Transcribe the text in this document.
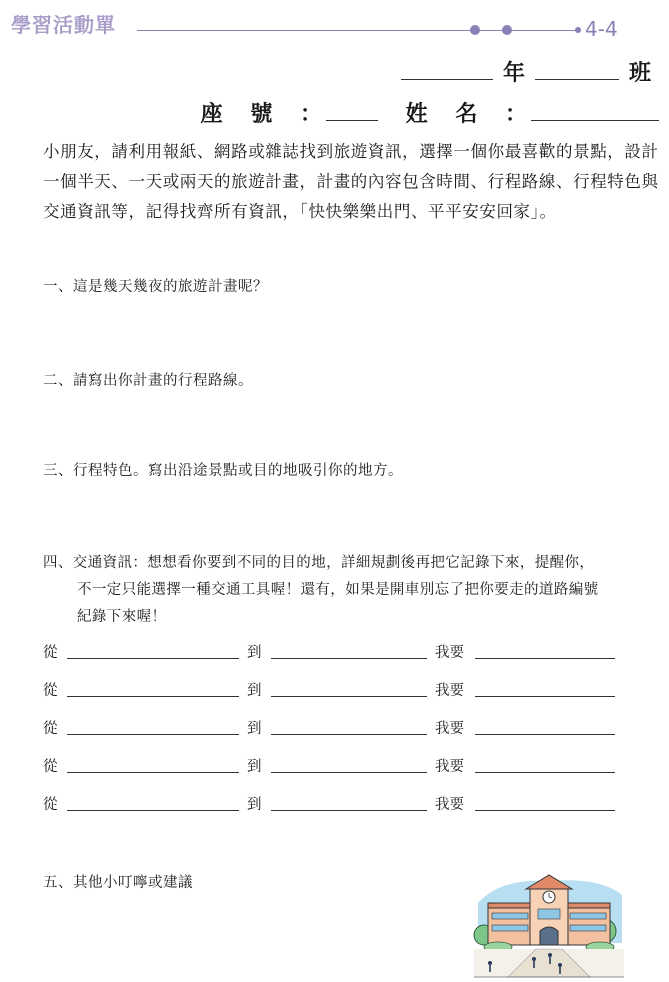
學習活動單	4-4
年	班
座 號 ：	姓 名 ：
小朋友，請利用報紙、網路或雜誌找到旅遊資訊，選擇一個你最喜歡的景點，設計一個半天、一天或兩天的旅遊計畫，計畫的內容包含時間、行程路線、行程特色與交通資訊等，記得找齊所有資訊，「快快樂樂出門、平平安安回家」。
一、這是幾天幾夜的旅遊計畫呢？
二、請寫出你計畫的行程路線。
三、行程特色。寫出沿途景點或目的地吸引你的地方。
四、交通資訊：想想看你要到不同的目的地，詳細規劃後再把它記錄下來，提醒你，
不一定只能選擇一種交通工具喔！還有，如果是開車別忘了把你要走的道路編號
紀錄下來喔！
從	到	我要
從	到	我要
從	到	我要
從	到	我要
從	到	我要
五、其他小叮嚀或建議
